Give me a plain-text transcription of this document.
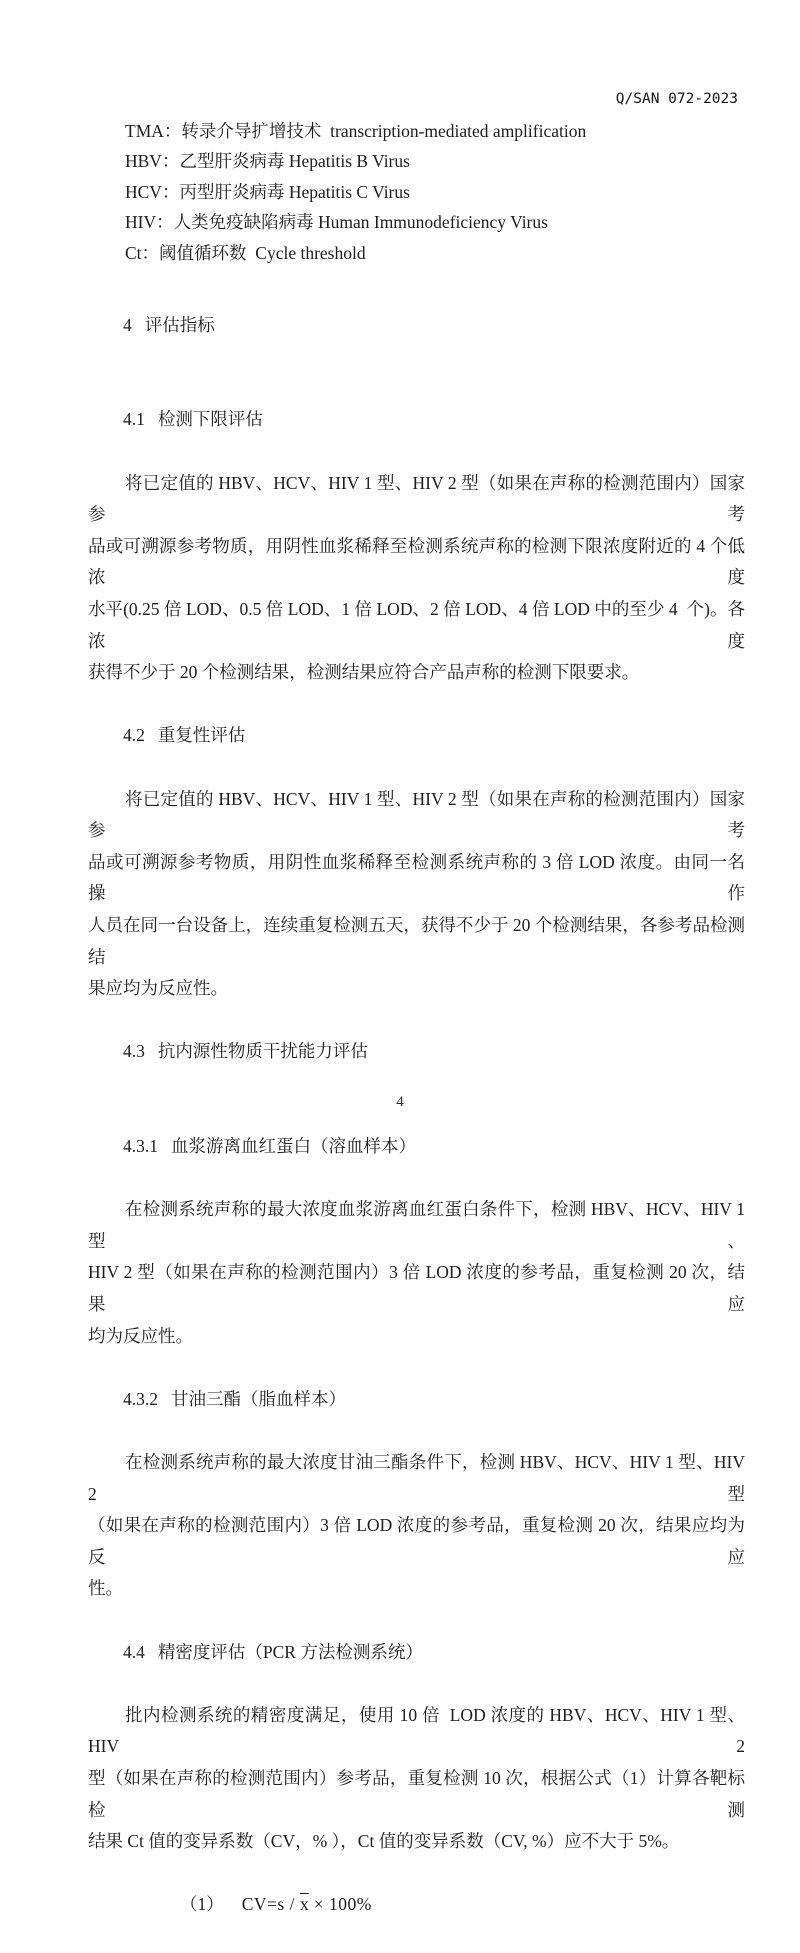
Q/SAN 072-2023
TMA：转录介导扩增技术  transcription-mediated amplification
HBV：乙型肝炎病毒 Hepatitis B Virus
HCV：丙型肝炎病毒 Hepatitis C Virus
HIV：人类免疫缺陷病毒 Human Immunodeficiency Virus
Ct：阈值循环数  Cycle threshold

4 评估指标

4.1 检测下限评估

将已定值的 HBV、HCV、HIV 1 型、HIV 2 型（如果在声称的检测范围内）国家参考
品或可溯源参考物质，用阴性血浆稀释至检测系统声称的检测下限浓度附近的 4 个低浓度
水平(0.25 倍 LOD、0.5 倍 LOD、1 倍 LOD、2 倍 LOD、4 倍 LOD 中的至少 4  个)。各浓度
获得不少于 20 个检测结果，检测结果应符合产品声称的检测下限要求。

4.2 重复性评估

将已定值的 HBV、HCV、HIV 1 型、HIV 2 型（如果在声称的检测范围内）国家参考
品或可溯源参考物质，用阴性血浆稀释至检测系统声称的 3 倍 LOD 浓度。由同一名操作
人员在同一台设备上，连续重复检测五天，获得不少于 20 个检测结果，各参考品检测结
果应均为反应性。

4.3 抗内源性物质干扰能力评估

4.3.1 血浆游离血红蛋白（溶血样本）

在检测系统声称的最大浓度血浆游离血红蛋白条件下，检测 HBV、HCV、HIV 1 型、
HIV 2 型（如果在声称的检测范围内）3 倍 LOD 浓度的参考品，重复检测 20 次，结果应
均为反应性。

4.3.2 甘油三酯（脂血样本）

在检测系统声称的最大浓度甘油三酯条件下，检测 HBV、HCV、HIV 1 型、HIV 2 型
（如果在声称的检测范围内）3 倍 LOD 浓度的参考品，重复检测 20 次，结果应均为反应
性。

4.4 精密度评估（PCR 方法检测系统）

批内检测系统的精密度满足，使用 10 倍  LOD 浓度的 HBV、HCV、HIV 1 型、HIV 2
型（如果在声称的检测范围内）参考品，重复检测 10 次，根据公式（1）计算各靶标检测
结果 Ct 值的变异系数（CV，% ），Ct 值的变异系数（CV, %）应不大于 5%。

（1） $CV=s / \overline{x} \times 100\%$

4
